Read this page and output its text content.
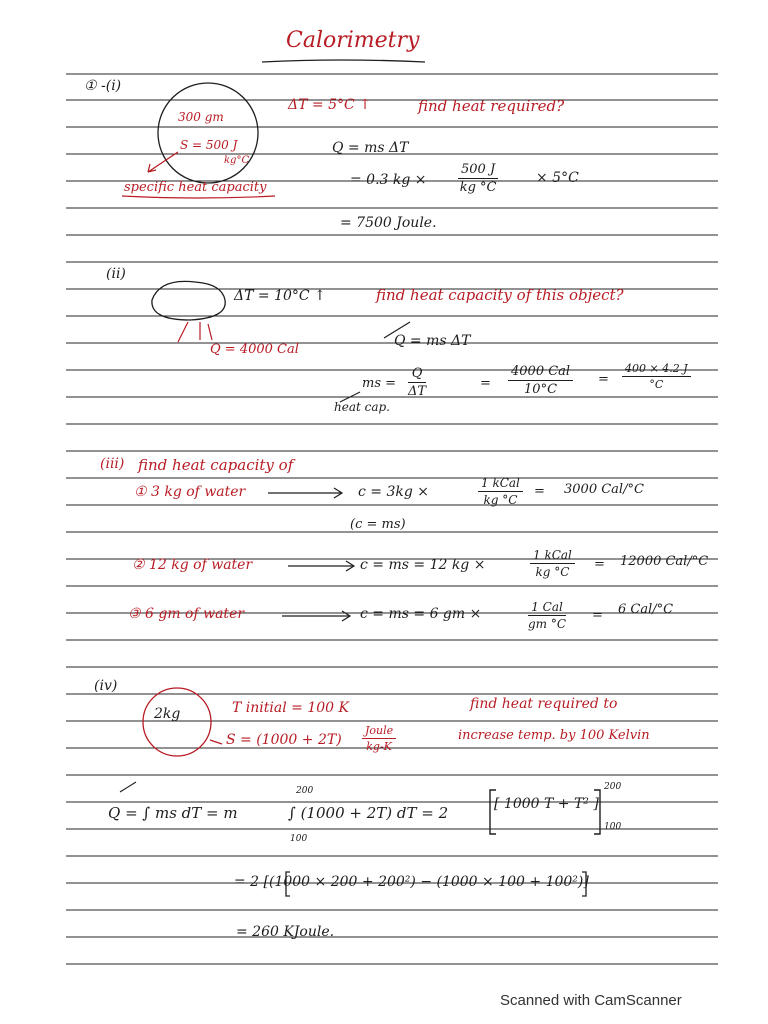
Calorimetry
① -(i)
300 gm
S = 500 J
kg°C
specific heat capacity
ΔT = 5°C ↑	find heat required?
Q = ms ΔT
= 0.3 kg × $\frac{500 J}{kg ^\circ C}$	× 5°C
= 7500 Joule.
(ii)
ΔT = 10°C ↑	find heat capacity of this object?
Q = 4000 Cal
Q = ms ΔT
ms = $\frac{Q}{\Delta T}$	=
4000 Cal
10°C
= $\frac{400 \times 4.2 J}{^\circ C}$
heat cap.
(iii) find heat capacity of
① 3 kg of water	c = 3kg ×
1 kCal
kg °C
= 3000 Cal/°C
(c = ms)
② 12 kg of water	c = ms = 12 kg ×
1 kCal
kg °C	= 12000 Cal/°C
③ 6 gm of water	c = ms = 6 gm ×	1 Cal
gm °C
= 6 Cal/°C
(iv)
2kg	T initial = 100 K
S = (1000 + 2T)
Joule
kg-K
find heat required to
increase temp. by 100 Kelvin
Q = ∫ ms dT = m
200
100
∫ (1000 + 2T) dT = 2	[ 1000 T + T² ]
200
100
= 2 [(1000 × 200 + 200²) − (1000 × 100 + 100²)]
= 260 KJoule.
Scanned with CamScanner
